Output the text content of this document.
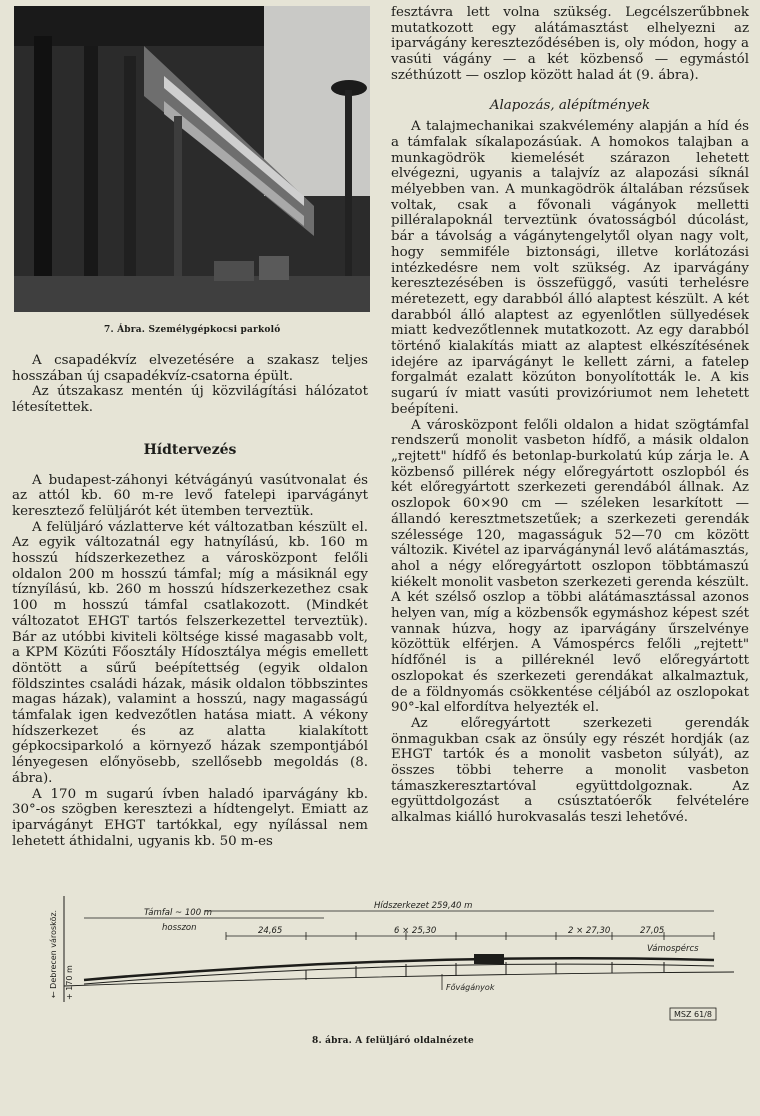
7. Ábra. Személygépkocsi parkoló

A csapadékvíz elvezetésére a szakasz teljes hosszában új csapadékvíz-csatorna épült.

Az útszakasz mentén új közvilágítási hálózatot létesítettek.

Hídtervezés

A budapest-záhonyi kétvágányú vasútvonalat és az attól kb. 60 m-re levő fatelepi iparvágányt keresztező felüljárót két ütemben terveztük.

A felüljáró vázlatterve két változatban készült el. Az egyik változatnál egy hatnyílású, kb. 160 m hosszú hídszerkezethez a városközpont felőli oldalon 200 m hosszú támfal; míg a másiknál egy tíznyílású, kb. 260 m hosszú hídszerkezethez csak 100 m hosszú támfal csatlakozott. (Mindkét változatot EHGT tartós felszerkezettel terveztük). Bár az utóbbi kiviteli költsége kissé magasabb volt, a KPM Közúti Főosztály Hídosztálya mégis emellett döntött a sűrű beépítettség (egyik oldalon földszintes családi házak, másik oldalon többszintes magas házak), valamint a hosszú, nagy magasságú támfalak igen kedvezőtlen hatása miatt. A vékony hídszerkezet és az alatta kialakított gépkocsiparkoló a környező házak szempontjából lényegesen előnyösebb, szellősebb megoldás (8. ábra).

A 170 m sugarú ívben haladó iparvágány kb. 30°-os szögben keresztezi a hídtengelyt. Emiatt az iparvágányt EHGT tartókkal, egy nyílással nem lehetett áthidalni, ugyanis kb. 50 m-es

fesztávra lett volna szükség. Legcélszerűbbnek mutatkozott egy alátámasztást elhelyezni az iparvágány kereszteződésében is, oly módon, hogy a vasúti vágány — a két közbenső — egymástól széthúzott — oszlop között halad át (9. ábra).

Alapozás, alépítmények

A talajmechanikai szakvélemény alapján a híd és a támfalak síkalapozásúak. A homokos talajban a munkagödrök kiemelését szárazon lehetett elvégezni, ugyanis a talajvíz az alapozási síknál mélyebben van. A munkagödrök általában rézsűsek voltak, csak a fővonali vágányok melletti pilléralapoknál terveztünk óvatosságból dúcolást, bár a távolság a vágánytengelytől olyan nagy volt, hogy semmiféle biztonsági, illetve korlátozási intézkedésre nem volt szükség. Az iparvágány keresztezésében is összefüggő, vasúti terhelésre méretezett, egy darabból álló alaptest készült. A két darabból álló alaptest az egyenlőtlen süllyedések miatt kedvezőtlennek mutatkozott. Az egy darabból történő kialakítás miatt az alaptest elkészítésének idejére az iparvágányt le kellett zárni, a fatelep forgalmát ezalatt közúton bonyolították le. A kis sugarú ív miatt vasúti provizóriumot nem lehetett beépíteni.

A városközpont felőli oldalon a hidat szögtámfal rendszerű monolit vasbeton hídfő, a másik oldalon „rejtett" hídfő és betonlap-burkolatú kúp zárja le. A közbenső pillérek négy előregyártott oszlopból és két előregyártott szerkezeti gerendából állnak. Az oszlopok 60×90 cm — széleken lesarkított — állandó keresztmetszetűek; a szerkezeti gerendák szélessége 120, magasságuk 52—70 cm között változik. Kivétel az iparvágánynál levő alátámasztás, ahol a négy előregyártott oszlopon többtámaszú kiékelt monolit vasbeton szerkezeti gerenda készült. A két szélső oszlop a többi alátámasztással azonos helyen van, míg a közbensők egymáshoz képest szét vannak húzva, hogy az iparvágány űrszelvénye közöttük elférjen. A Vámospércs felőli „rejtett" hídfőnél is a pilléreknél levő előregyártott oszlopokat és szerkezeti gerendákat alkalmaztuk, de a földnyomás csökkentése céljából az oszlopokat 90°-kal elfordítva helyezték el.

Az előregyártott szerkezeti gerendák önmagukban csak az önsúly egy részét hordják (az EHGT tartók és a monolit vasbeton súlyát), az összes többi teherre a monolit vasbeton támaszkeresztartóval együttdolgoznak. Az együttdolgozást a csúsztatóerők felvételére alkalmas kiálló hurokvasalás teszi lehetővé.

← Debrecen városköz. + 170 m
Támfal ~ 100 m
hosszon
Hídszerkezet 259,40 m
24,65	6 × 25,30	2 × 27,30	27,05
Vámospércs
Fővágányok
MSZ 61/8
8. ábra. A felüljáró oldalnézete
